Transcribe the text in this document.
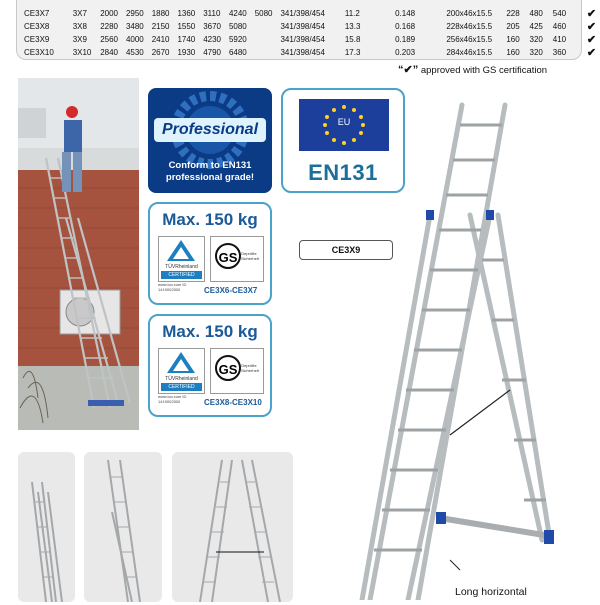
CE3X7	3X7	2000	2950	1880	1360	3110	4240	5080	341/398/454	11.2	0.148	200x46x15.5	228	480	540	✔
CE3X8	3X8	2280	3480	2150	1550	3670	5080		341/398/454	13.3	0.168	228x46x15.5	205	425	460	✔
CE3X9	3X9	2560	4000	2410	1740	4230	5920		341/398/454	15.8	0.189	256x46x15.5	160	320	410	✔
CE3X10	3X10	2840	4530	2670	1930	4790	6480		341/398/454	17.3	0.203	284x46x15.5	160	320	360	✔
“✔” approved with GS certification
Professional
Conform to EN131
professional grade!
EU
EN131
Max. 150 kg
TÜVRheinland
CERTIFIED
GS Geprüfte Sicherheit
www.tuv.com ID 1419002500	CE3X6-CE3X7
Max. 150 kg
TÜVRheinland
CERTIFIED
GS Geprüfte Sicherheit
www.tuv.com ID 1419002500	CE3X8-CE3X10
CE3X9
Long horizontal
